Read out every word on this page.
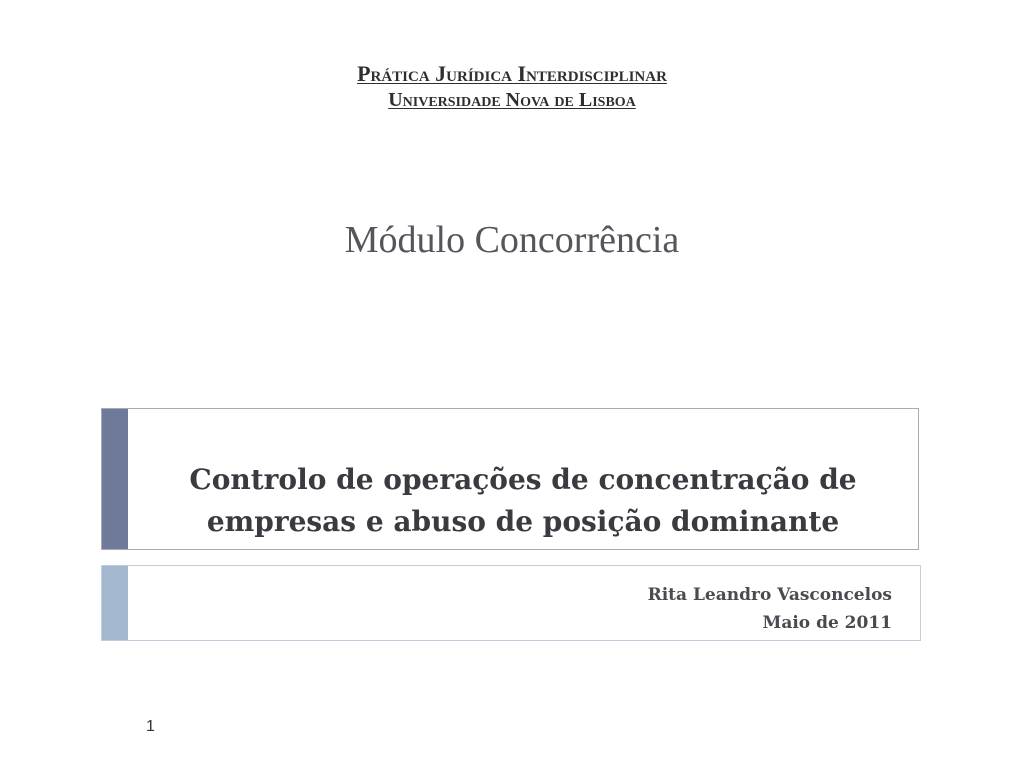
Prática Jurídica Interdisciplinar
Universidade Nova de Lisboa
Módulo Concorrência
Controlo de operações de concentração de
empresas e abuso de posição dominante
Rita Leandro Vasconcelos
Maio de 2011
1
